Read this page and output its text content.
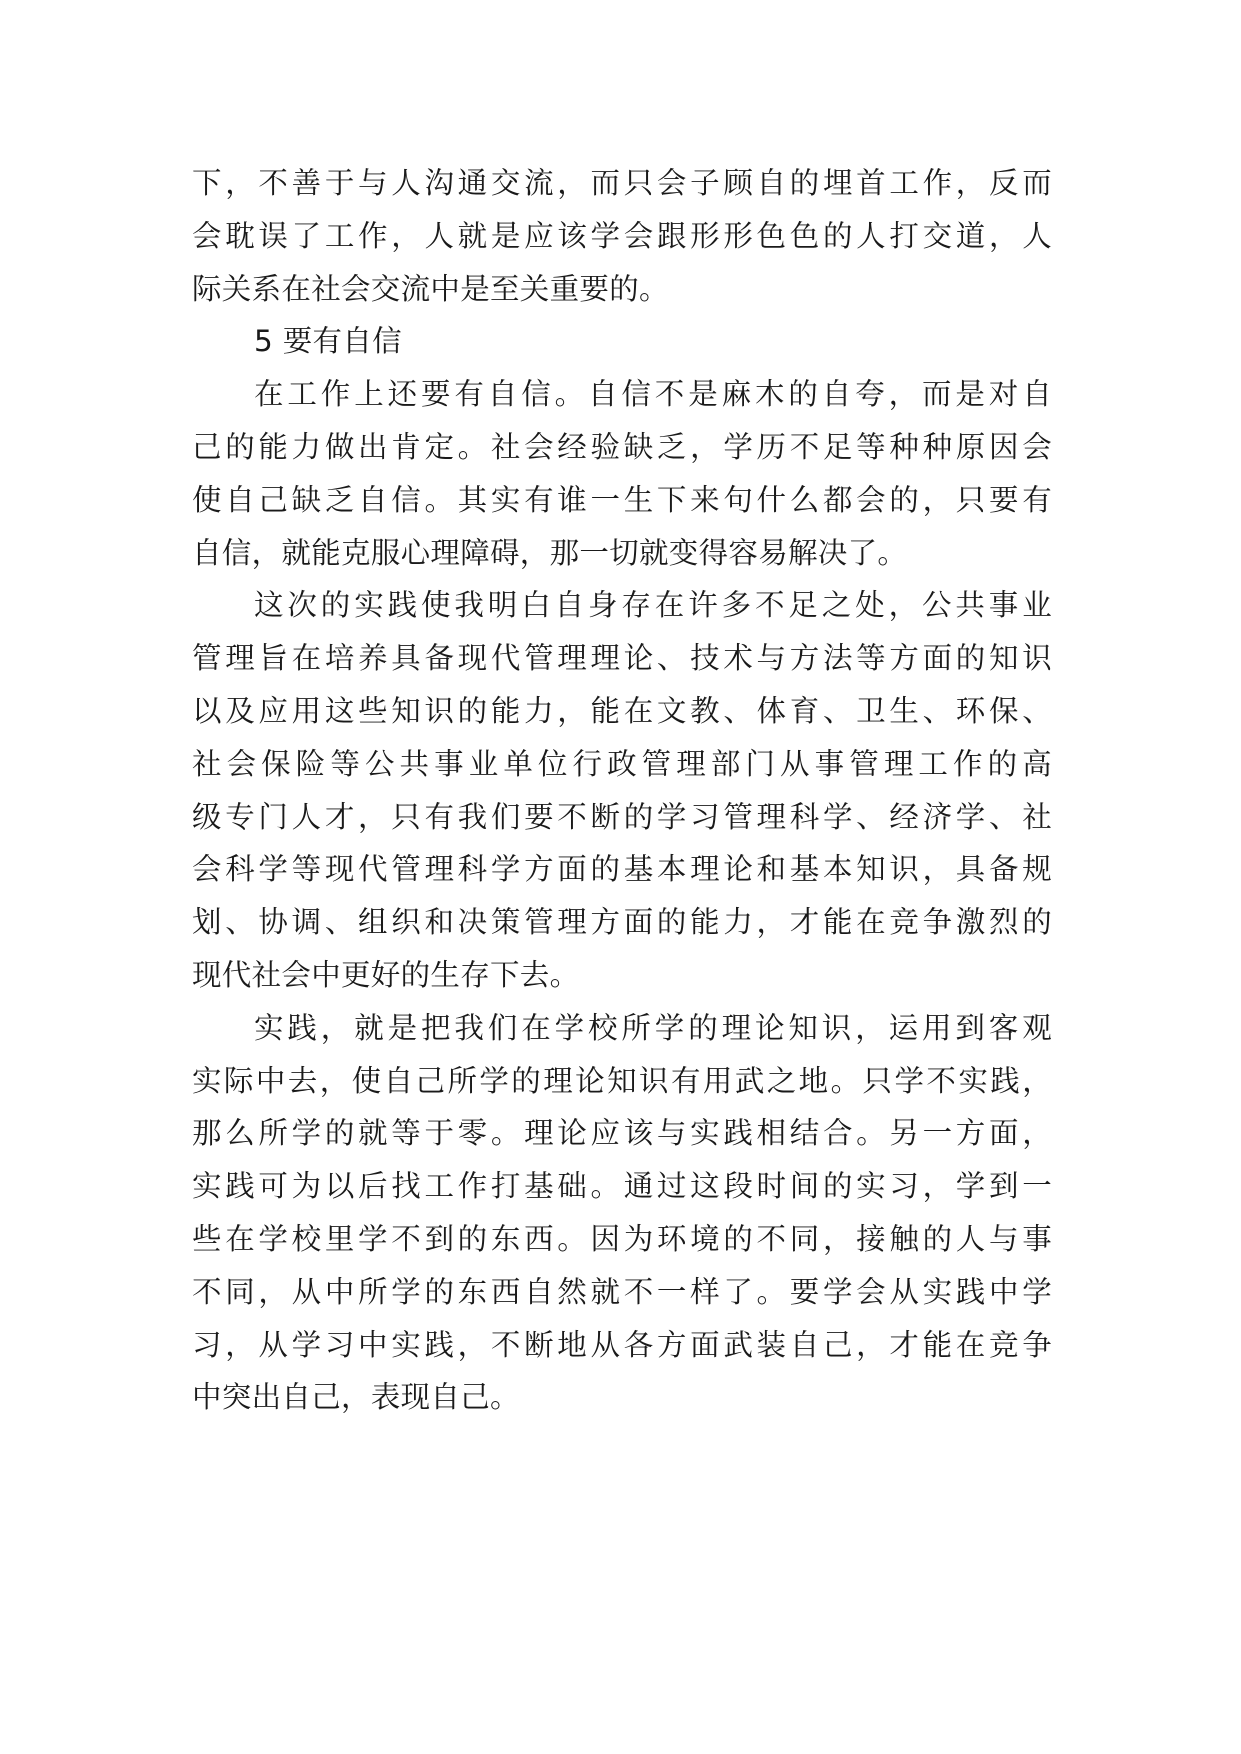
下，不善于与人沟通交流，而只会子顾自的埋首工作，反而
会耽误了工作，人就是应该学会跟形形色色的人打交道，人
际关系在社会交流中是至关重要的。
5 要有自信
在工作上还要有自信。自信不是麻木的自夸，而是对自
己的能力做出肯定。社会经验缺乏，学历不足等种种原因会
使自己缺乏自信。其实有谁一生下来句什么都会的，只要有
自信，就能克服心理障碍，那一切就变得容易解决了。
这次的实践使我明白自身存在许多不足之处，公共事业
管理旨在培养具备现代管理理论、技术与方法等方面的知识
以及应用这些知识的能力，能在文教、体育、卫生、环保、
社会保险等公共事业单位行政管理部门从事管理工作的高
级专门人才，只有我们要不断的学习管理科学、经济学、社
会科学等现代管理科学方面的基本理论和基本知识，具备规
划、协调、组织和决策管理方面的能力，才能在竞争激烈的
现代社会中更好的生存下去。
实践，就是把我们在学校所学的理论知识，运用到客观
实际中去，使自己所学的理论知识有用武之地。只学不实践，
那么所学的就等于零。理论应该与实践相结合。另一方面，
实践可为以后找工作打基础。通过这段时间的实习，学到一
些在学校里学不到的东西。因为环境的不同，接触的人与事
不同，从中所学的东西自然就不一样了。要学会从实践中学
习，从学习中实践，不断地从各方面武装自己，才能在竞争
中突出自己，表现自己。
